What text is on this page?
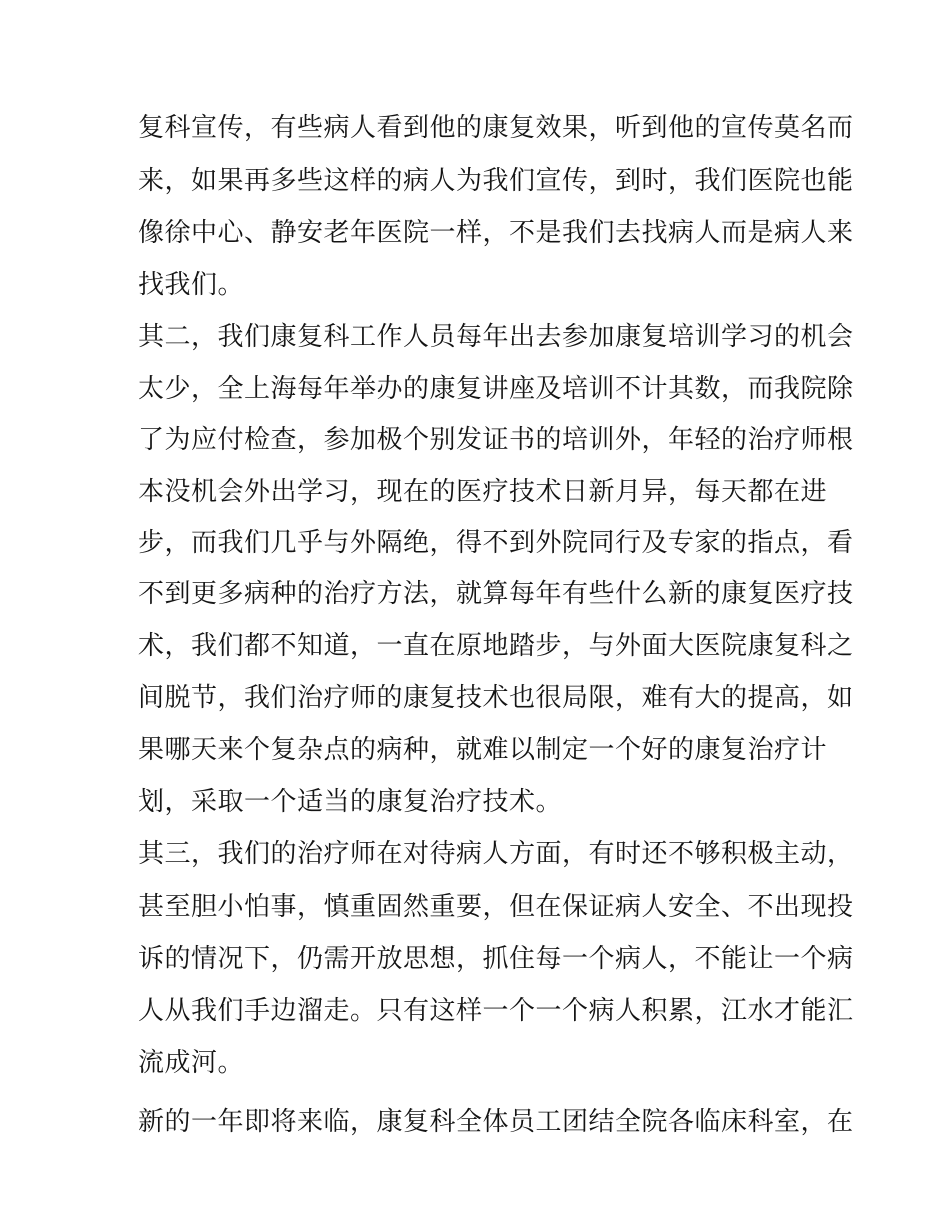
复科宣传，有些病人看到他的康复效果，听到他的宣传莫名而
来，如果再多些这样的病人为我们宣传，到时，我们医院也能
像徐中心、静安老年医院一样，不是我们去找病人而是病人来
找我们。
其二，我们康复科工作人员每年出去参加康复培训学习的机会
太少，全上海每年举办的康复讲座及培训不计其数，而我院除
了为应付检查，参加极个别发证书的培训外，年轻的治疗师根
本没机会外出学习，现在的医疗技术日新月异，每天都在进
步，而我们几乎与外隔绝，得不到外院同行及专家的指点，看
不到更多病种的治疗方法，就算每年有些什么新的康复医疗技
术，我们都不知道，一直在原地踏步，与外面大医院康复科之
间脱节，我们治疗师的康复技术也很局限，难有大的提高，如
果哪天来个复杂点的病种，就难以制定一个好的康复治疗计
划，采取一个适当的康复治疗技术。
其三，我们的治疗师在对待病人方面，有时还不够积极主动，
甚至胆小怕事，慎重固然重要，但在保证病人安全、不出现投
诉的情况下，仍需开放思想，抓住每一个病人，不能让一个病
人从我们手边溜走。只有这样一个一个病人积累，江水才能汇
流成河。
新的一年即将来临，康复科全体员工团结全院各临床科室，在
